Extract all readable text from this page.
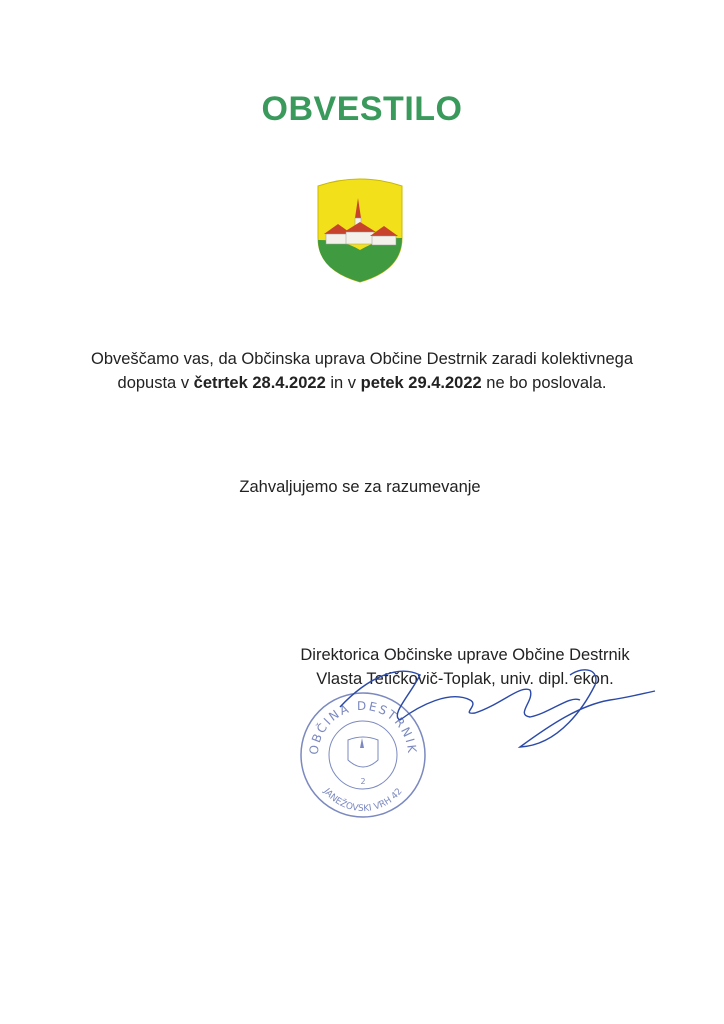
OBVESTILO
Obveščamo vas, da Občinska uprava Občine Destrnik zaradi kolektivnega dopusta v četrtek 28.4.2022 in v petek 29.4.2022 ne bo poslovala.
Zahvaljujemo se za razumevanje
OBČINA DESTRNIK
JANEŽOVSKI VRH 42
2
Direktorica Občinske uprave Občine Destrnik
Vlasta Tetičkovič-Toplak, univ. dipl. ekon.
